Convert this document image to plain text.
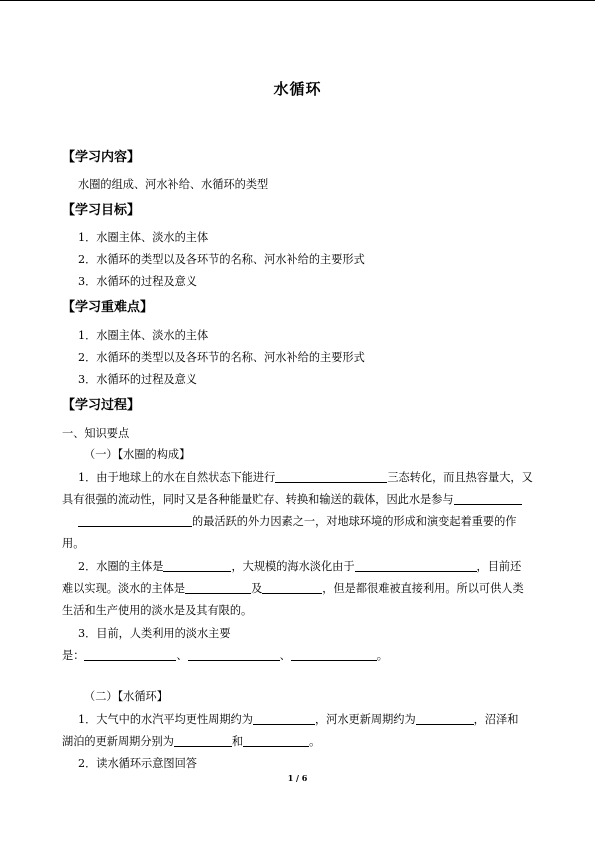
水循环
【学习内容】
水圈的组成、河水补给、水循环的类型
【学习目标】
1．水圈主体、淡水的主体
2．水循环的类型以及各环节的名称、河水补给的主要形式
3．水循环的过程及意义
【学习重难点】
1．水圈主体、淡水的主体
2．水循环的类型以及各环节的名称、河水补给的主要形式
3．水循环的过程及意义
【学习过程】
一、知识要点
（一）【水圈的构成】
1．由于地球上的水在自然状态下能进行	三态转化，而且热容量大，又
具有很强的流动性，同时又是各种能量贮存、转换和输送的载体，因此水是参与
的最活跃的外力因素之一，对地球环境的形成和演变起着重要的作
用。
2．水圈的主体是	，大规模的海水淡化由于	，目前还
难以实现。淡水的主体是	及	，但是都很难被直接利用。所以可供人类
生活和生产使用的淡水是及其有限的。
3．目前，人类利用的淡水主要
是：	、	、	。
（二）【水循环】
1．大气中的水汽平均更性周期约为	，河水更新周期约为	，沼泽和
湖泊的更新周期分别为	和	。
2．读水循环示意图回答
1 / 6
